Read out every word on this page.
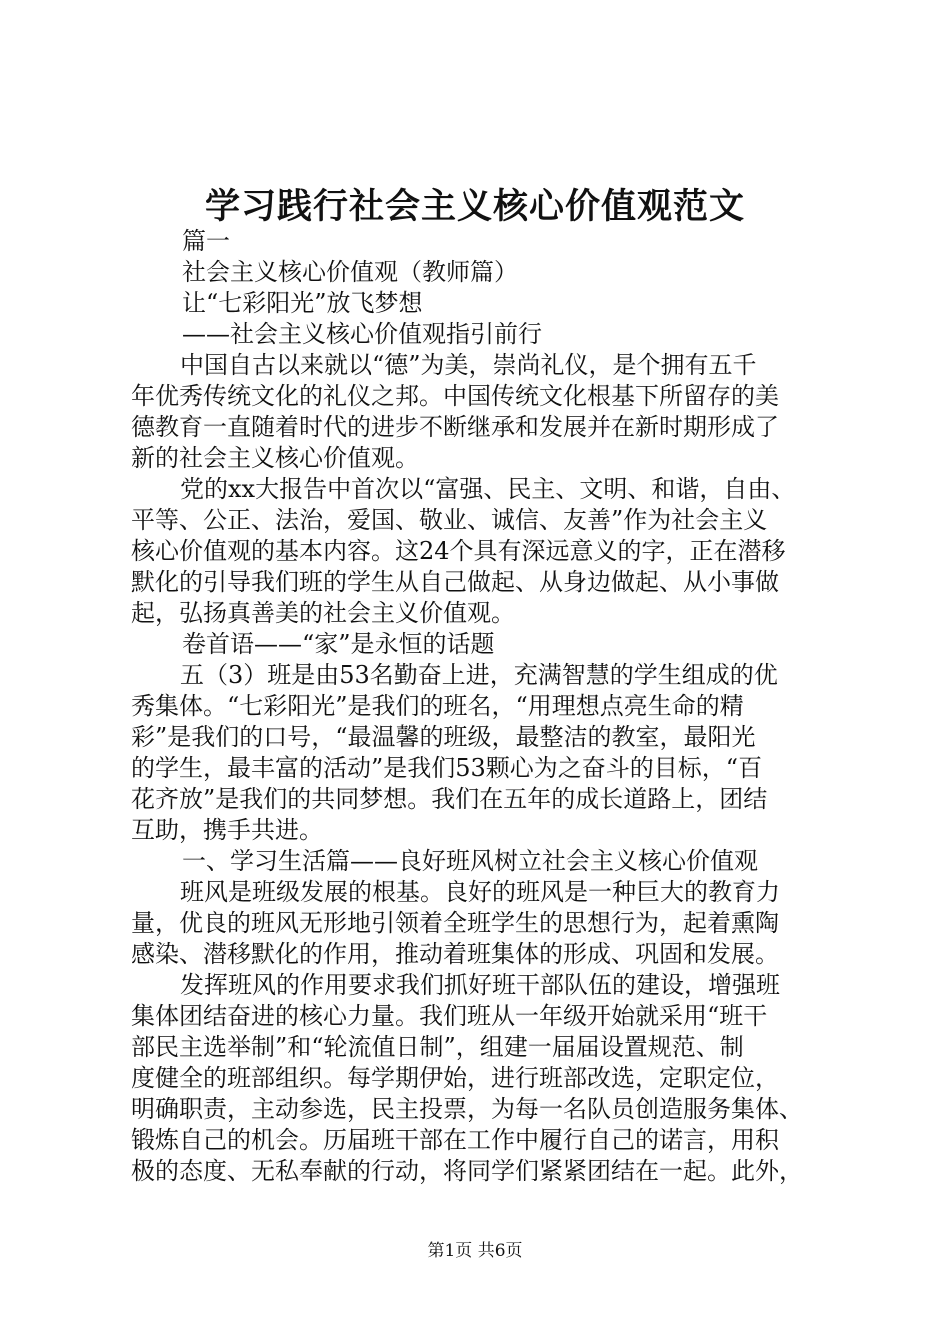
学习践行社会主义核心价值观范文
篇一
社会主义核心价值观（教师篇）
让“七彩阳光”放飞梦想
——社会主义核心价值观指引前行
中国自古以来就以“德”为美，崇尚礼仪，是个拥有五千
年优秀传统文化的礼仪之邦。中国传统文化根基下所留存的美
德教育一直随着时代的进步不断继承和发展并在新时期形成了
新的社会主义核心价值观。
党的xx大报告中首次以“富强、民主、文明、和谐，自由、
平等、公正、法治，爱国、敬业、诚信、友善”作为社会主义
核心价值观的基本内容。这24个具有深远意义的字，正在潜移
默化的引导我们班的学生从自己做起、从身边做起、从小事做
起，弘扬真善美的社会主义价值观。
卷首语——“家”是永恒的话题
五（3）班是由53名勤奋上进，充满智慧的学生组成的优
秀集体。“七彩阳光”是我们的班名，“用理想点亮生命的精
彩”是我们的口号，“最温馨的班级，最整洁的教室，最阳光
的学生，最丰富的活动”是我们53颗心为之奋斗的目标，“百
花齐放”是我们的共同梦想。我们在五年的成长道路上，团结
互助，携手共进。
一、学习生活篇——良好班风树立社会主义核心价值观
班风是班级发展的根基。良好的班风是一种巨大的教育力
量，优良的班风无形地引领着全班学生的思想行为，起着熏陶
感染、潜移默化的作用，推动着班集体的形成、巩固和发展。
发挥班风的作用要求我们抓好班干部队伍的建设，增强班
集体团结奋进的核心力量。我们班从一年级开始就采用“班干
部民主选举制”和“轮流值日制”，组建一届届设置规范、制
度健全的班部组织。每学期伊始，进行班部改选，定职定位，
明确职责，主动参选，民主投票，为每一名队员创造服务集体、
锻炼自己的机会。历届班干部在工作中履行自己的诺言，用积
极的态度、无私奉献的行动，将同学们紧紧团结在一起。此外，
第1页 共6页
